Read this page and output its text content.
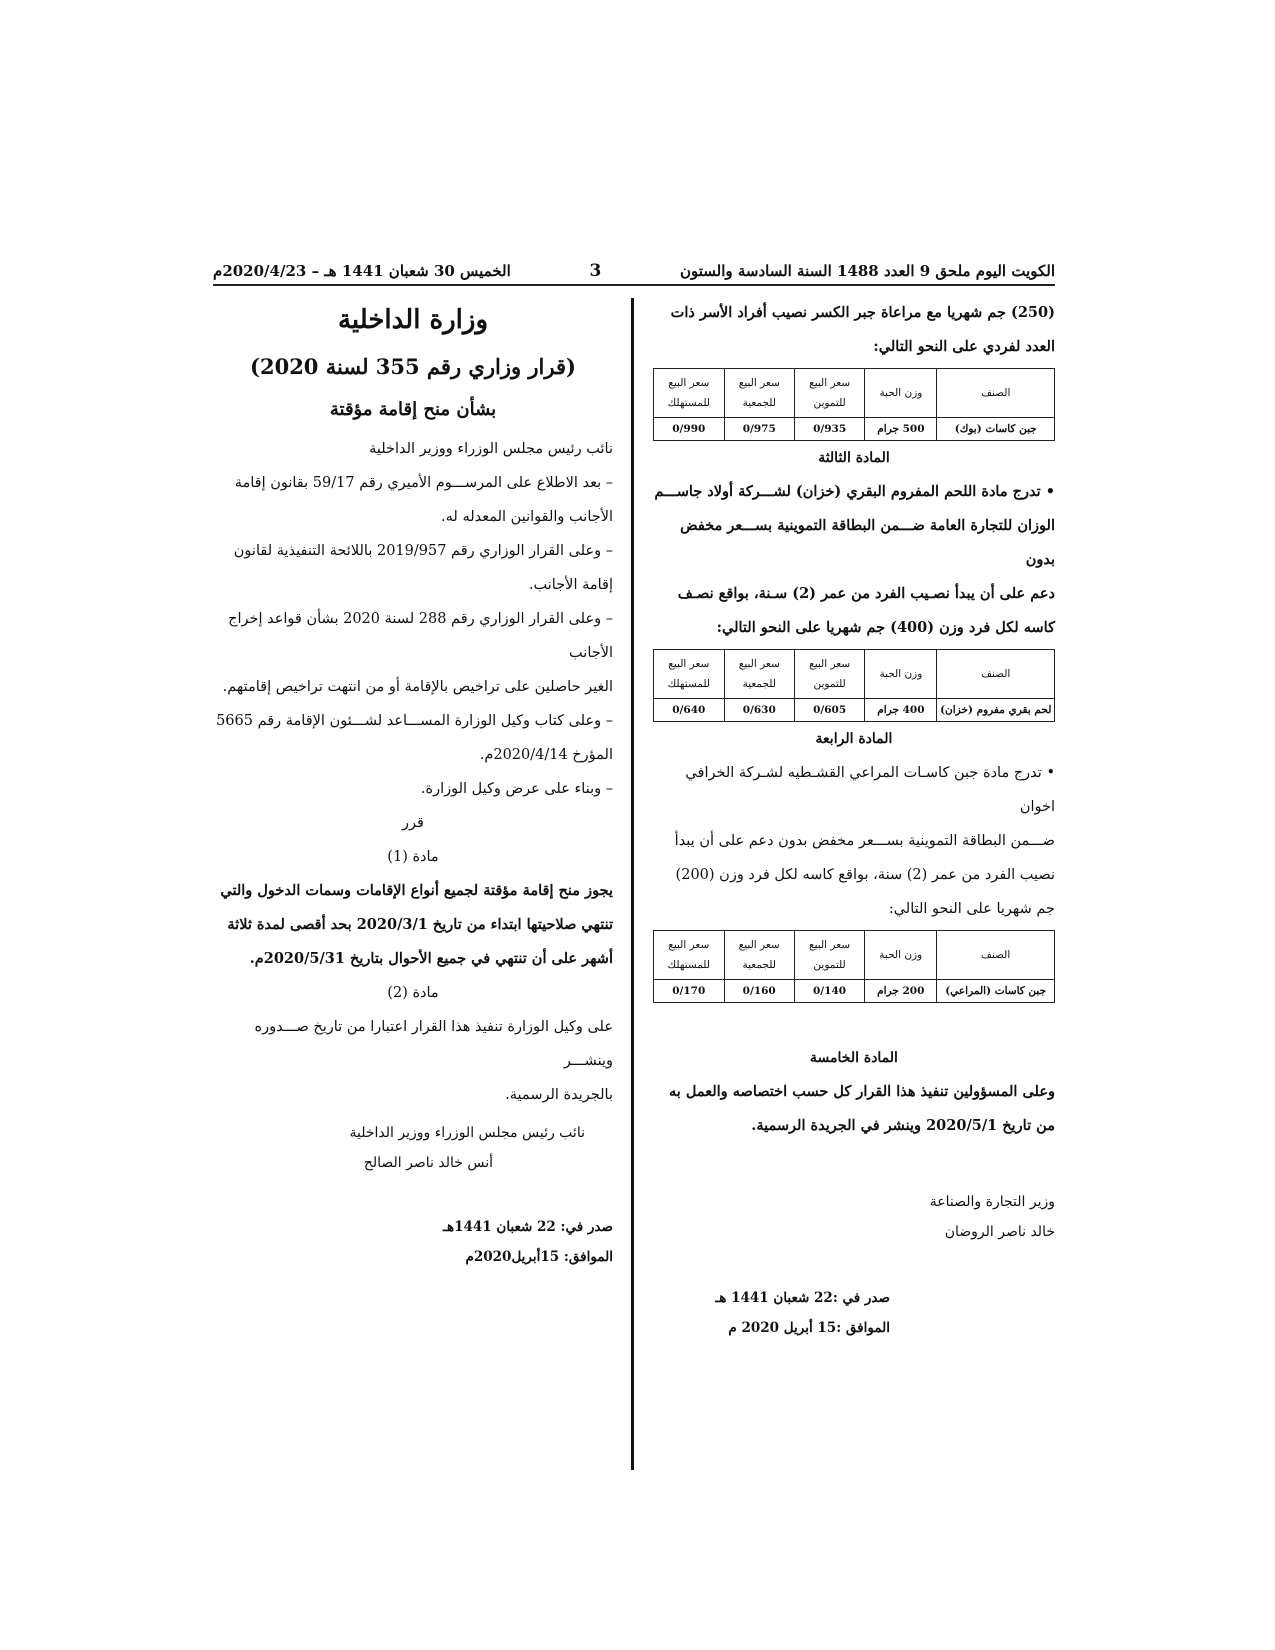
الكويت اليوم ملحق 9 العدد 1488 السنة السادسة والستون
3
الخميس 30 شعبان 1441 هـ – 2020/4/23م

(250) جم شهريا مع مراعاة جبر الكسر نصيب أفراد الأسر ذات

العدد لفردي على النحو التالي:

الصنف	وزن الحبة	سعر البيع للتموين	سعر البيع للجمعية	سعر البيع للمستهلك
جبن كاسات (بوك)	500 جرام	0/935	0/975	0/990
المادة الثالثة

• تدرج مادة اللحم المفروم البقري (خزان) لشـــركة أولاد جاســـم

الوزان للتجارة العامة ضـــمن البطاقة التموينية بســـعر مخفض بدون

دعم على أن يبدأ نصـيب الفرد من عمر (2) سـنة، بواقع نصـف

كاسه لكل فرد وزن (400) جم شهريا على النحو التالي:

الصنف	وزن الحبة	سعر البيع للتموين	سعر البيع للجمعية	سعر البيع للمستهلك
لحم بقري مفروم (خزان)	400 جرام	0/605	0/630	0/640
المادة الرابعة

• تدرج مادة جبن كاسـات المراعي القشـطيه لشـركة الخرافي اخوان

ضـــمن البطاقة التموينية بســـعر مخفض بدون دعم على أن يبدأ

نصيب الفرد من عمر (2) سنة، بواقع كاسه لكل فرد وزن (200)

جم شهريا على النحو التالي:

الصنف	وزن الحبة	سعر البيع للتموين	سعر البيع للجمعية	سعر البيع للمستهلك
جبن كاسات (المراعي)	200 جرام	0/140	0/160	0/170
المادة الخامسة

وعلى المسؤولين تنفيذ هذا القرار كل حسب اختصاصه والعمل به

من تاريخ 2020/5/1 وينشر في الجريدة الرسمية.

وزير التجارة والصناعة
خالد ناصر الروضان
صدر في :22 شعبان 1441 هـ
الموافق :15 أبريل 2020 م
وزارة الداخلية
(قرار وزاري رقم 355 لسنة 2020)
بشأن منح إقامة مؤقتة

نائب رئيس مجلس الوزراء ووزير الداخلية

– بعد الاطلاع على المرســـوم الأميري رقم 59/17 بقانون إقامة

الأجانب والقوانين المعدله له.

– وعلى القرار الوزاري رقم 2019/957 باللائحة التنفيذية لقانون

إقامة الأجانب.

– وعلى القرار الوزاري رقم 288 لسنة 2020 بشأن قواعد إخراج الأجانب

الغير حاصلين على تراخيص بالإقامة أو من انتهت تراخيص إقامتهم.

– وعلى كتاب وكيل الوزارة المســـاعد لشـــئون الإقامة رقم 5665

المؤرخ 2020/4/14م.

– وبناء على عرض وكيل الوزارة.

قرر

مادة (1)

يجوز منح إقامة مؤقتة لجميع أنواع الإقامات وسمات الدخول والتي

تنتهي صلاحيتها ابتداء من تاريخ 2020/3/1 بحد أقصى لمدة ثلاثة

أشهر على أن تنتهي في جميع الأحوال بتاريخ 2020/5/31م.

مادة (2)

على وكيل الوزارة تنفيذ هذا القرار اعتبارا من تاريخ صـــدوره وينشـــر

بالجريدة الرسمية.

نائب رئيس مجلس الوزراء ووزير الداخلية
أنس خالد ناصر الصالح
صدر في: 22 شعبان 1441هـ
الموافق: 15أبريل2020م
